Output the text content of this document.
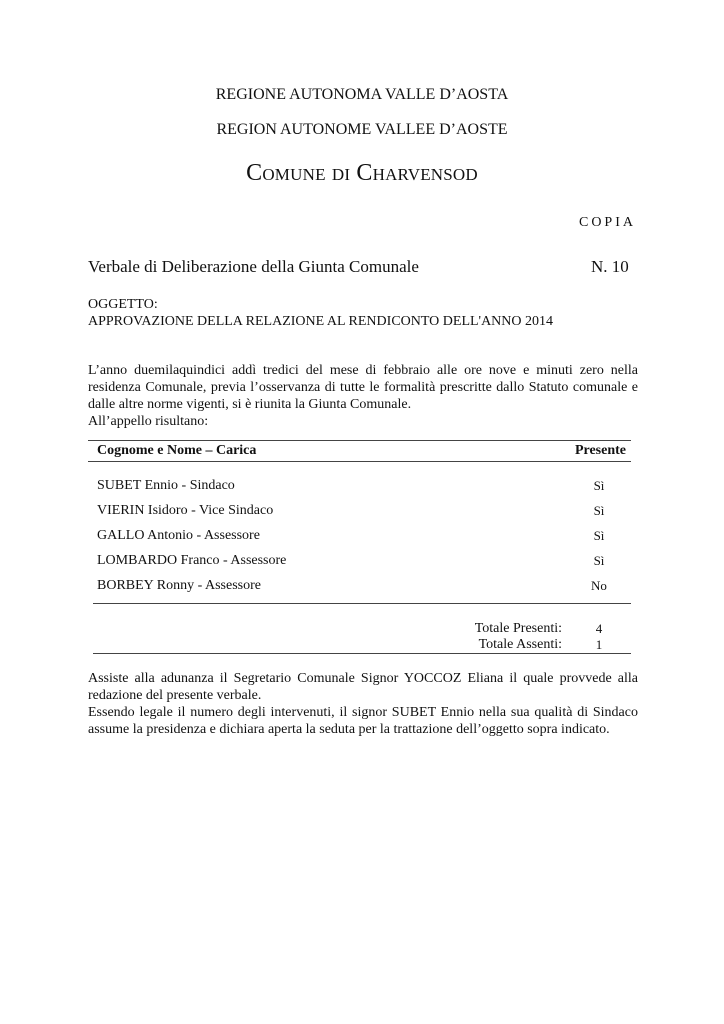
REGIONE AUTONOMA VALLE D’AOSTA
REGION AUTONOME VALLEE D’AOSTE
Comune di Charvensod
COPIA
Verbale di Deliberazione della Giunta Comunale	N. 10
OGGETTO:
APPROVAZIONE DELLA RELAZIONE AL RENDICONTO DELL'ANNO 2014
L’anno duemilaquindici addì tredici del mese di febbraio alle ore nove e minuti zero nella residenza Comunale, previa l’osservanza di tutte le formalità prescritte dallo Statuto comunale e dalle altre norme vigenti, si è riunita la Giunta Comunale.
All’appello risultano:
Cognome e Nome – Carica	Presente
SUBET Ennio - Sindaco	Sì
VIERIN Isidoro - Vice Sindaco	Sì
GALLO Antonio - Assessore	Sì
LOMBARDO Franco - Assessore	Sì
BORBEY Ronny - Assessore	No
Totale Presenti:	4
Totale Assenti:	1
Assiste alla adunanza il Segretario Comunale Signor YOCCOZ Eliana il quale provvede alla redazione del presente verbale.
Essendo legale il numero degli intervenuti, il signor SUBET Ennio nella sua qualità di Sindaco assume la presidenza e dichiara aperta la seduta per la trattazione dell’oggetto sopra indicato.
